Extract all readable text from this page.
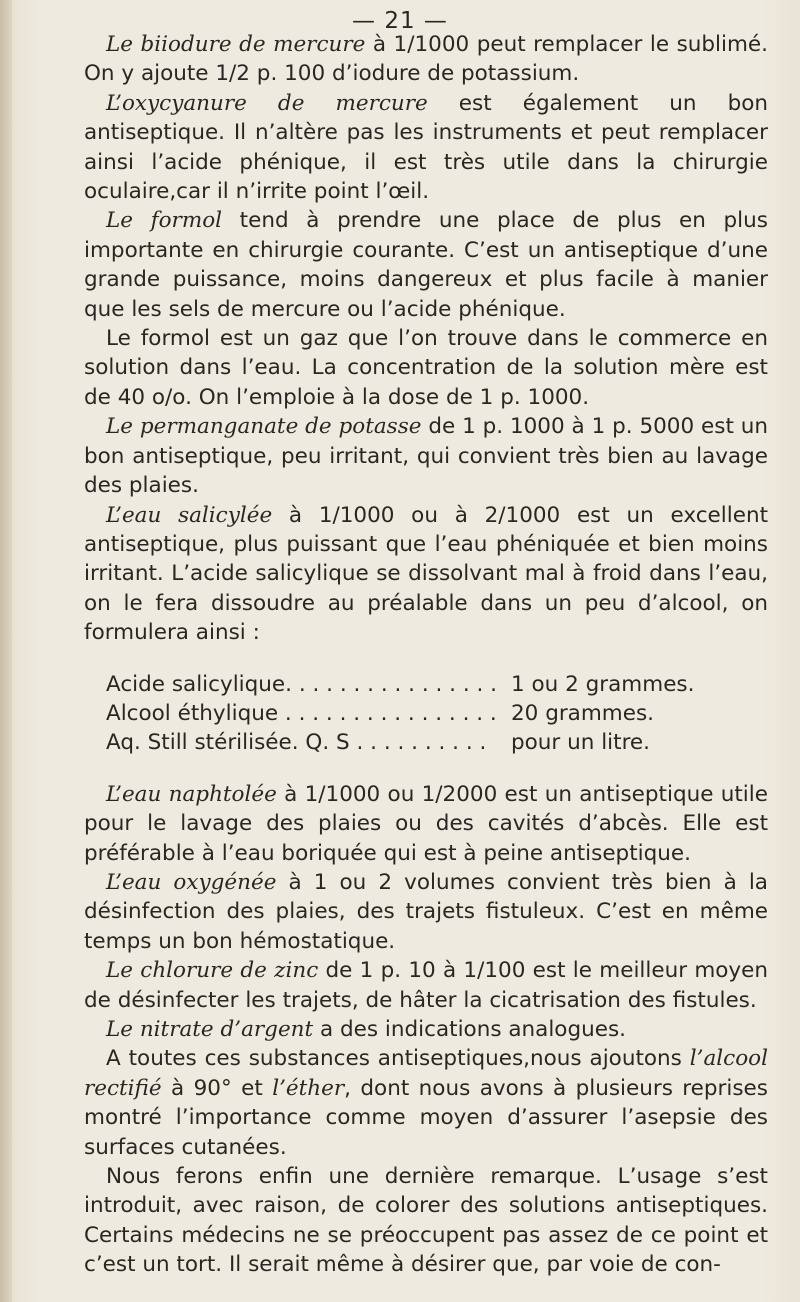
— 21 —

Le biiodure de mercure à 1/1000 peut remplacer le sublimé. On y ajoute 1/2 p. 100 d’iodure de potassium.

L’oxycyanure de mercure est également un bon antiseptique. Il n’altère pas les instruments et peut remplacer ainsi l’acide phénique, il est très utile dans la chirurgie oculaire,car il n’irrite point l’œil.

Le formol tend à prendre une place de plus en plus importante en chirurgie courante. C’est un antiseptique d’une grande puissance, moins dangereux et plus facile à manier que les sels de mercure ou l’acide phénique.

Le formol est un gaz que l’on trouve dans le commerce en solution dans l’eau. La concentration de la solution mère est de 40 o/o. On l’emploie à la dose de 1 p. 1000.

Le permanganate de potasse de 1 p. 1000 à 1 p. 5000 est un bon antiseptique, peu irritant, qui convient très bien au lavage des plaies.

L’eau salicylée à 1/1000 ou à 2/1000 est un excellent antiseptique, plus puissant que l’eau phéniquée et bien moins irritant. L’acide salicylique se dissolvant mal à froid dans l’eau, on le fera dissoudre au préalable dans un peu d’alcool, on formulera ainsi :

Acide salicylique. . . . . . . . . . . . . . . . 1 ou 2 grammes.
Alcool éthylique . . . . . . . . . . . . . . . . 20 grammes.
Aq. Still stérilisée. Q. S . . . . . . . . . .	pour un litre.

L’eau naphtolée à 1/1000 ou 1/2000 est un antiseptique utile pour le lavage des plaies ou des cavités d’abcès. Elle est préférable à l’eau boriquée qui est à peine antiseptique.

L’eau oxygénée à 1 ou 2 volumes convient très bien à la désinfection des plaies, des trajets fistuleux. C’est en même temps un bon hémostatique.

Le chlorure de zinc de 1 p. 10 à 1/100 est le meilleur moyen de désinfecter les trajets, de hâter la cicatrisation des fistules.

Le nitrate d’argent a des indications analogues.

A toutes ces substances antiseptiques,nous ajoutons l’alcool rectifié à 90° et l’éther, dont nous avons à plusieurs reprises montré l’importance comme moyen d’assurer l’asepsie des surfaces cutanées.

Nous ferons enfin une dernière remarque. L’usage s’est introduit, avec raison, de colorer des solutions antiseptiques. Certains médecins ne se préoccupent pas assez de ce point et c’est un tort. Il serait même à désirer que, par voie de con-
